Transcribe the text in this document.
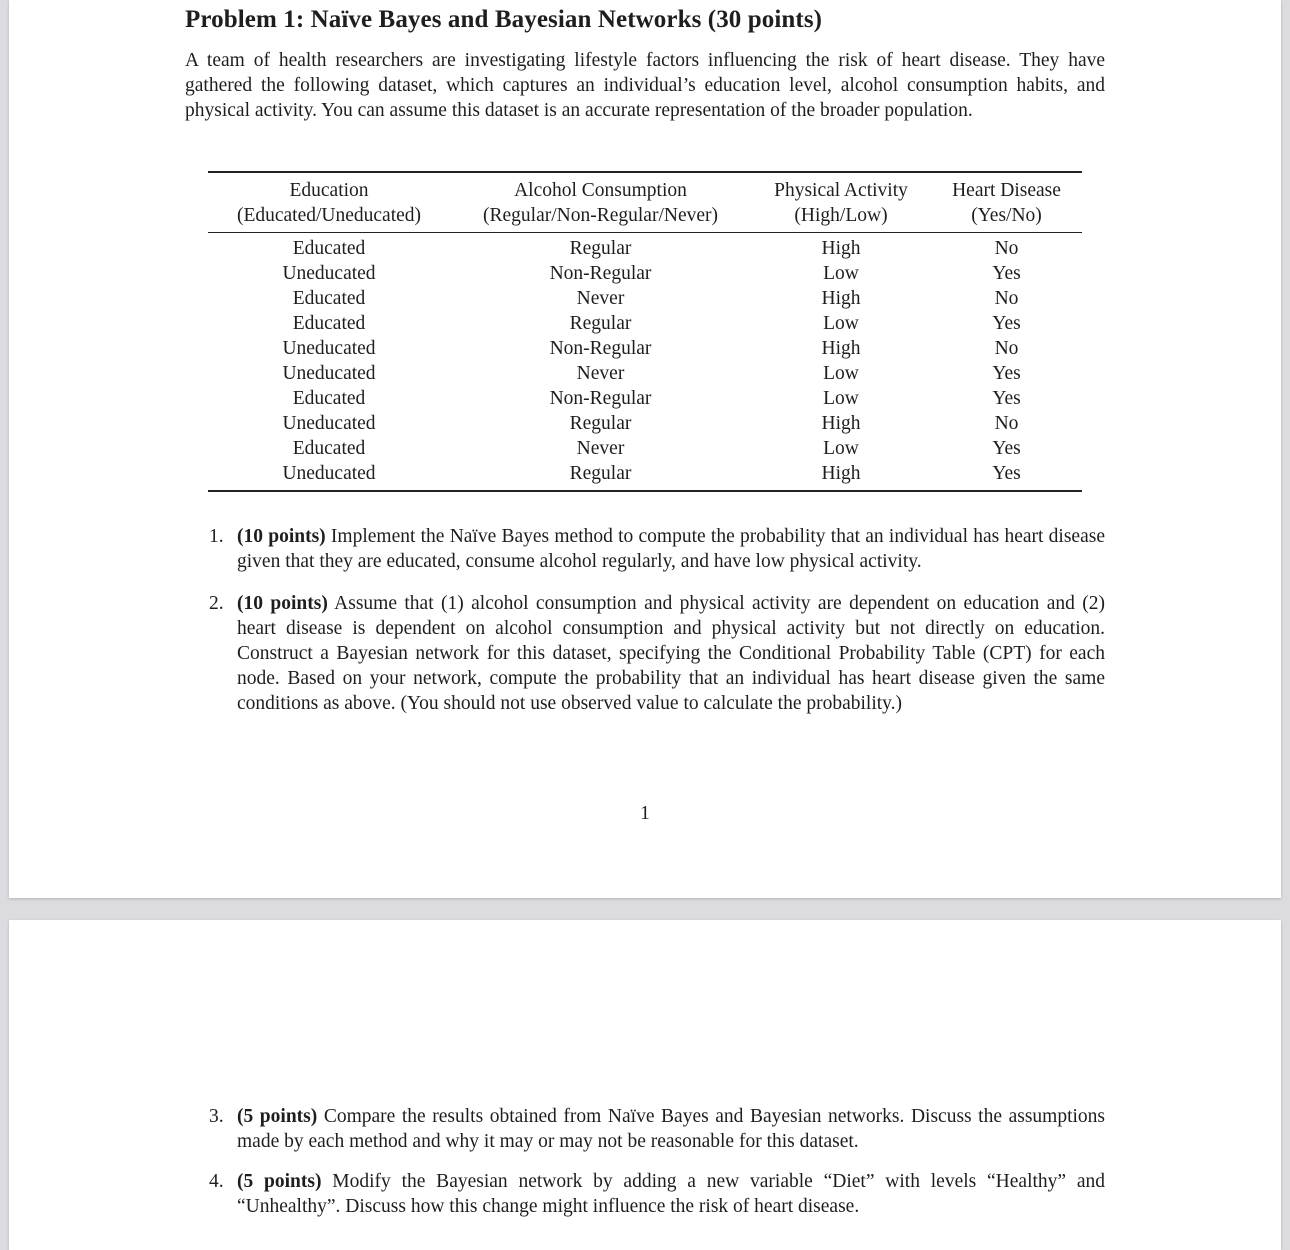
Problem 1: Naïve Bayes and Bayesian Networks (30 points)

A team of health researchers are investigating lifestyle factors influencing the risk of heart disease. They have gathered the following dataset, which captures an individual’s education level, alcohol consumption habits, and physical activity. You can assume this dataset is an accurate representation of the broader population.

Education	Alcohol Consumption	Physical Activity	Heart Disease
(Educated/Uneducated)	(Regular/Non-Regular/Never)	(High/Low)	(Yes/No)
Educated	Regular	High	No
Uneducated	Non-Regular	Low	Yes
Educated	Never	High	No
Educated	Regular	Low	Yes
Uneducated	Non-Regular	High	No
Uneducated	Never	Low	Yes
Educated	Non-Regular	Low	Yes
Uneducated	Regular	High	No
Educated	Never	Low	Yes
Uneducated	Regular	High	Yes
1. (10 points) Implement the Naïve Bayes method to compute the probability that an individual has heart disease given that they are educated, consume alcohol regularly, and have low physical activity.
2. (10 points) Assume that (1) alcohol consumption and physical activity are dependent on education and (2) heart disease is dependent on alcohol consumption and physical activity but not directly on education. Construct a Bayesian network for this dataset, specifying the Conditional Probability Table (CPT) for each node. Based on your network, compute the probability that an individual has heart disease given the same conditions as above. (You should not use observed value to calculate the probability.)
1
3. (5 points) Compare the results obtained from Naïve Bayes and Bayesian networks. Discuss the assumptions made by each method and why it may or may not be reasonable for this dataset.
4. (5 points) Modify the Bayesian network by adding a new variable “Diet” with levels “Healthy” and “Unhealthy”. Discuss how this change might influence the risk of heart disease.
